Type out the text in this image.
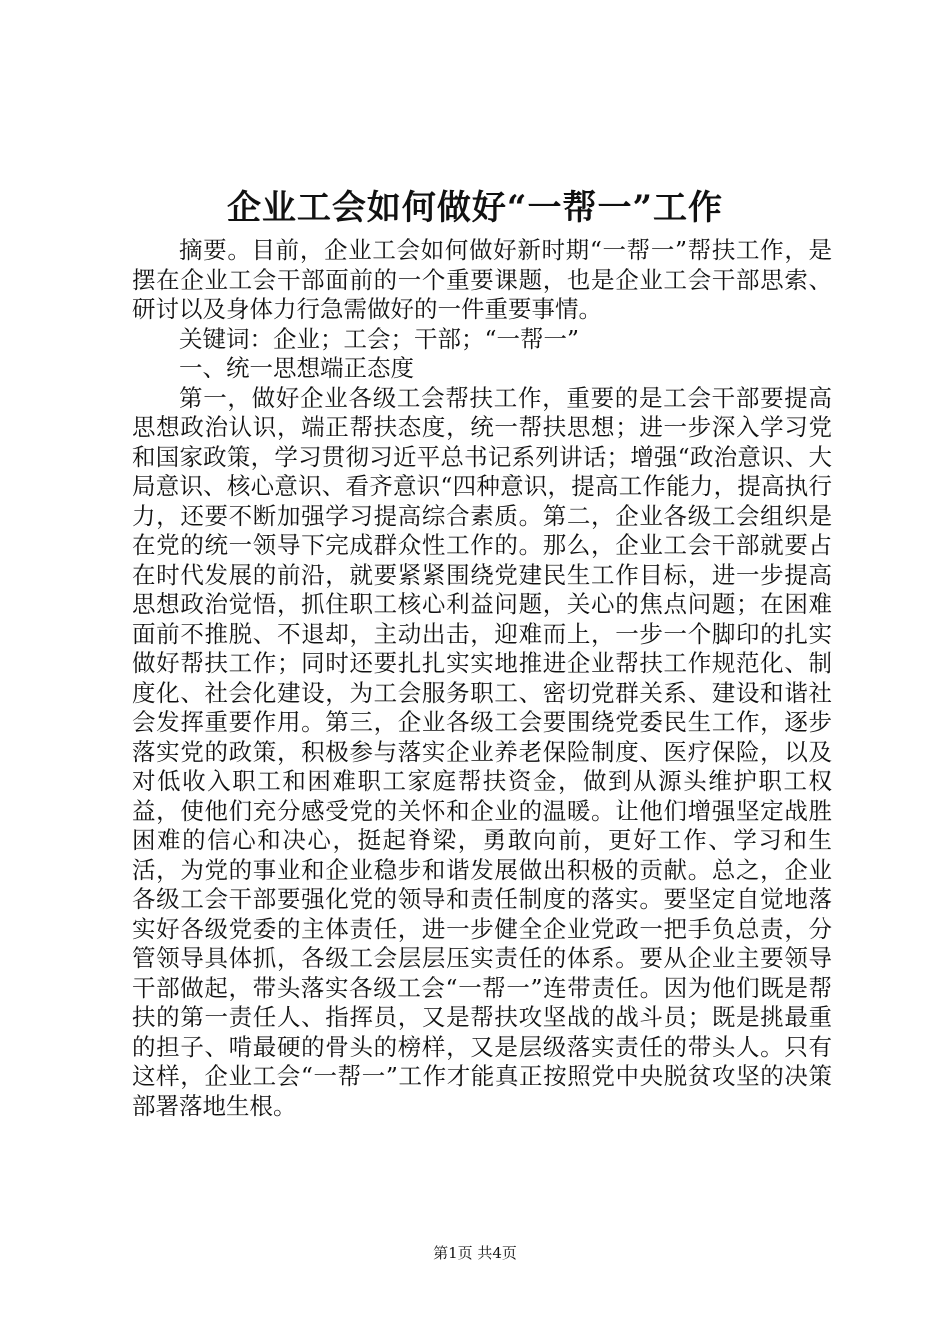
企业工会如何做好“一帮一”工作

摘要。目前，企业工会如何做好新时期“一帮一”帮扶工作，是摆在企业工会干部面前的一个重要课题，也是企业工会干部思索、研讨以及身体力行急需做好的一件重要事情。

关键词：企业；工会；干部；“一帮一”

一、统一思想端正态度

第一，做好企业各级工会帮扶工作，重要的是工会干部要提高思想政治认识，端正帮扶态度，统一帮扶思想；进一步深入学习党和国家政策，学习贯彻习近平总书记系列讲话；增强“政治意识、大局意识、核心意识、看齐意识“四种意识，提高工作能力，提高执行力，还要不断加强学习提高综合素质。第二，企业各级工会组织是在党的统一领导下完成群众性工作的。那么，企业工会干部就要占在时代发展的前沿，就要紧紧围绕党建民生工作目标，进一步提高思想政治觉悟，抓住职工核心利益问题，关心的焦点问题；在困难面前不推脱、不退却，主动出击，迎难而上，一步一个脚印的扎实做好帮扶工作；同时还要扎扎实实地推进企业帮扶工作规范化、制度化、社会化建设，为工会服务职工、密切党群关系、建设和谐社会发挥重要作用。第三，企业各级工会要围绕党委民生工作，逐步落实党的政策，积极参与落实企业养老保险制度、医疗保险，以及对低收入职工和困难职工家庭帮扶资金，做到从源头维护职工权益，使他们充分感受党的关怀和企业的温暖。让他们增强坚定战胜困难的信心和决心，挺起脊梁，勇敢向前，更好工作、学习和生活，为党的事业和企业稳步和谐发展做出积极的贡献。总之，企业各级工会干部要强化党的领导和责任制度的落实。要坚定自觉地落实好各级党委的主体责任，进一步健全企业党政一把手负总责，分管领导具体抓，各级工会层层压实责任的体系。要从企业主要领导干部做起，带头落实各级工会“一帮一”连带责任。因为他们既是帮扶的第一责任人、指挥员，又是帮扶攻坚战的战斗员；既是挑最重的担子、啃最硬的骨头的榜样，又是层级落实责任的带头人。只有这样，企业工会“一帮一”工作才能真正按照党中央脱贫攻坚的决策部署落地生根。

第1页 共4页
